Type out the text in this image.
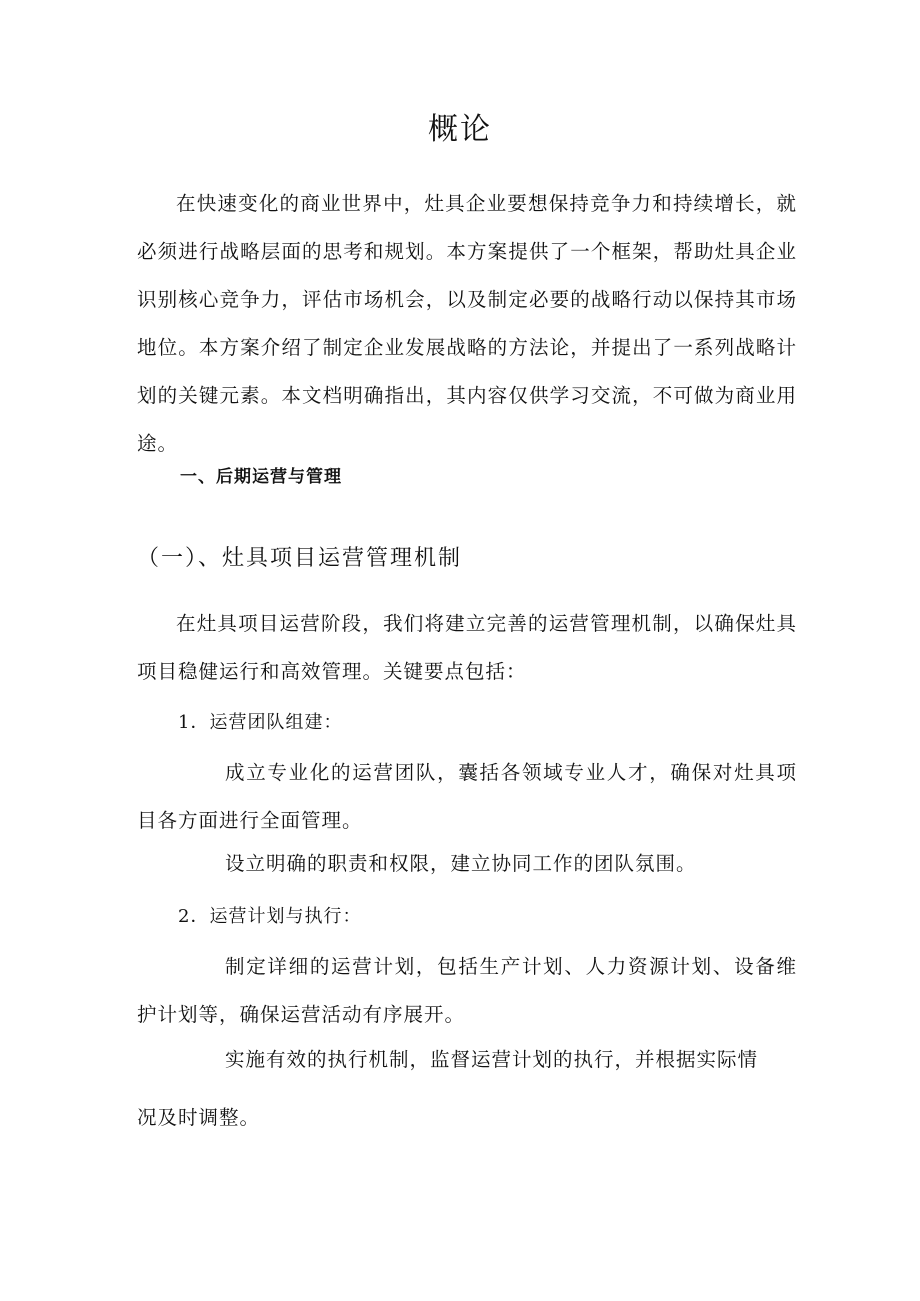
概论

在快速变化的商业世界中，灶具企业要想保持竞争力和持续增长，就必须进行战略层面的思考和规划。本方案提供了一个框架，帮助灶具企业识别核心竞争力，评估市场机会，以及制定必要的战略行动以保持其市场地位。本方案介绍了制定企业发展战略的方法论，并提出了一系列战略计划的关键元素。本文档明确指出，其内容仅供学习交流，不可做为商业用途。

一、后期运营与管理
（一）、灶具项目运营管理机制

在灶具项目运营阶段，我们将建立完善的运营管理机制，以确保灶具项目稳健运行和高效管理。关键要点包括：

1．运营团队组建：

成立专业化的运营团队，囊括各领域专业人才，确保对灶具项目各方面进行全面管理。

设立明确的职责和权限，建立协同工作的团队氛围。

2．运营计划与执行：

制定详细的运营计划，包括生产计划、人力资源计划、设备维护计划等，确保运营活动有序展开。

实施有效的执行机制，监督运营计划的执行，并根据实际情
况及时调整。
